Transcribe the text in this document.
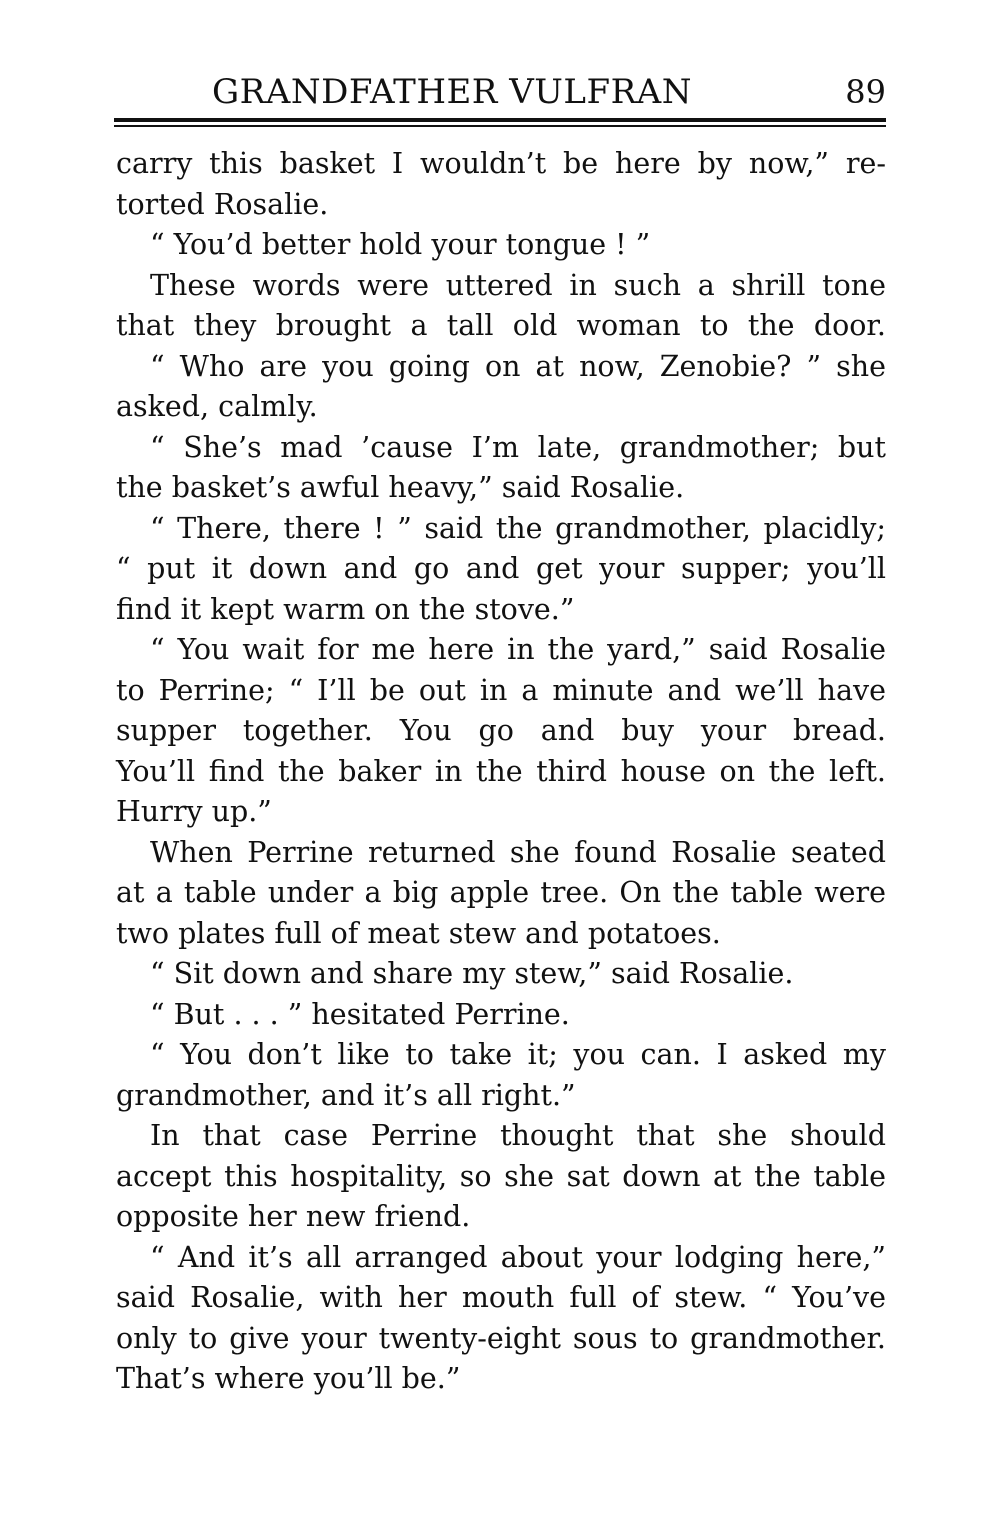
GRANDFATHER VULFRAN	89
carry this basket I wouldn’t be here by now,” re-
torted Rosalie.
“ You’d better hold your tongue ! ”
These words were uttered in such a shrill tone
that they brought a tall old woman to the door.
“ Who are you going on at now, Zenobie? ” she
asked, calmly.
“ She’s mad ’cause I’m late, grandmother; but
the basket’s awful heavy,” said Rosalie.
“ There, there ! ” said the grandmother, placidly;
“ put it down and go and get your supper; you’ll
find it kept warm on the stove.”
“ You wait for me here in the yard,” said Rosalie
to Perrine; “ I’ll be out in a minute and we’ll have
supper together. You go and buy your bread.
You’ll find the baker in the third house on the left.
Hurry up.”
When Perrine returned she found Rosalie seated
at a table under a big apple tree. On the table were
two plates full of meat stew and potatoes.
“ Sit down and share my stew,” said Rosalie.
“ But . . . ” hesitated Perrine.
“ You don’t like to take it; you can. I asked my
grandmother, and it’s all right.”
In that case Perrine thought that she should
accept this hospitality, so she sat down at the table
opposite her new friend.
“ And it’s all arranged about your lodging here,”
said Rosalie, with her mouth full of stew. “ You’ve
only to give your twenty-eight sous to grandmother.
That’s where you’ll be.”
